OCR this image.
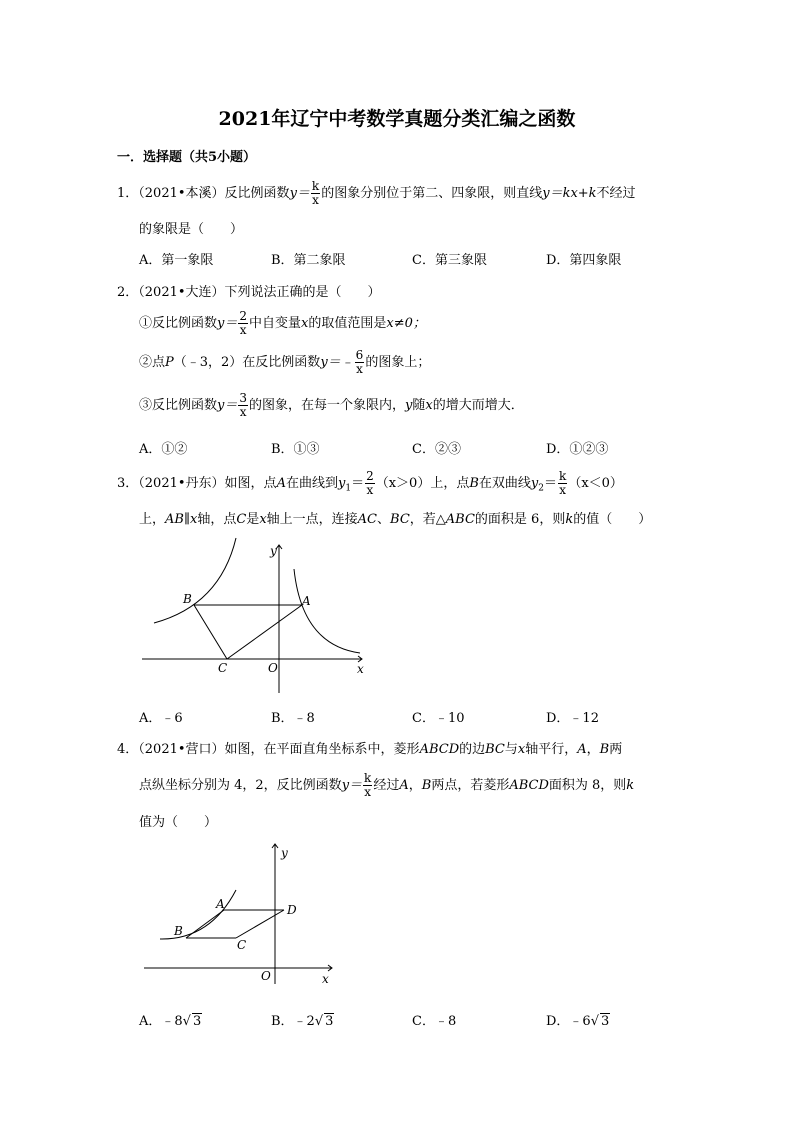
2021年辽宁中考数学真题分类汇编之函数
一．选择题（共5小题）
1．（2021•本溪）反比例函数$y= \frac{k}{x}$ 的图象分别位于第二、四象限，则直线y＝kx+k不经过
的象限是（　　）
A．第一象限	B．第二象限	C．第三象限	D．第四象限
2．（2021•大连）下列说法正确的是（　　）
①反比例函数$y= \frac{2}{x}$ 中自变量x的取值范围是x≠0；
②点P（﹣3，2）在反比例函数y＝﹣ $\frac{6}{x}$ 的图象上；
③反比例函数$y= \frac{3}{x}$ 的图象，在每一个象限内，y随x的增大而增大．
A．①②	B．①③	C．②③	D．①②③
3．（2021•丹东）如图，点A在曲线到$y_1= \frac{2}{x} (x>0)$上，点B在双曲线$y_2= \frac{k}{x} (x<0)$
上，AB∥x轴，点C是x轴上一点，连接AC、BC，若△ABC的面积是 6，则k的值（　　）
y
x
B	A
C	O
A．﹣6	B．﹣8	C．﹣10	D．﹣12
4．（2021•营口）如图，在平面直角坐标系中，菱形ABCD的边BC与x轴平行，A，B两
点纵坐标分别为 4，2，反比例函数$y= \frac{k}{x}$ 经过A，B两点，若菱形ABCD面积为 8，则k
值为（　　）
y
x
A
B
C
D
O
A．﹣8√ 3	B．﹣2√ 3	C．﹣8	D．﹣6√ 3
